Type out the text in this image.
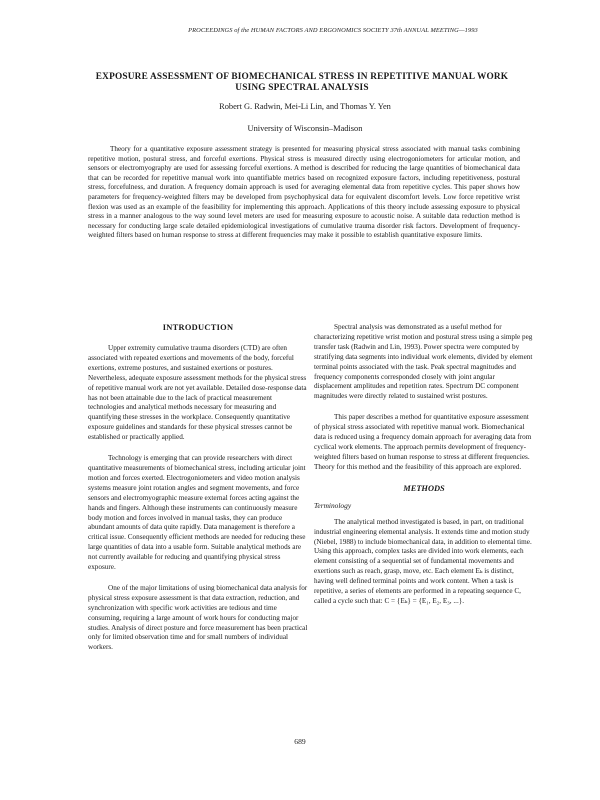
PROCEEDINGS of the HUMAN FACTORS AND ERGONOMICS SOCIETY 37th ANNUAL MEETING—1993
EXPOSURE ASSESSMENT OF BIOMECHANICAL STRESS IN REPETITIVE MANUAL WORK USING SPECTRAL ANALYSIS
Robert G. Radwin, Mei-Li Lin, and Thomas Y. Yen
University of Wisconsin–Madison

Theory for a quantitative exposure assessment strategy is presented for measuring physical stress associated with manual tasks combining repetitive motion, postural stress, and forceful exertions. Physical stress is measured directly using electrogoniometers for articular motion, and sensors or electromyography are used for assessing forceful exertions. A method is described for reducing the large quantities of biomechanical data that can be recorded for repetitive manual work into quantifiable metrics based on recognized exposure factors, including repetitiveness, postural stress, forcefulness, and duration. A frequency domain approach is used for averaging elemental data from repetitive cycles. This paper shows how parameters for frequency-weighted filters may be developed from psychophysical data for equivalent discomfort levels. Low force repetitive wrist flexion was used as an example of the feasibility for implementing this approach. Applications of this theory include assessing exposure to physical stress in a manner analogous to the way sound level meters are used for measuring exposure to acoustic noise. A suitable data reduction method is necessary for conducting large scale detailed epidemiological investigations of cumulative trauma disorder risk factors. Development of frequency-weighted filters based on human response to stress at different frequencies may make it possible to establish quantitative exposure limits.

INTRODUCTION

Upper extremity cumulative trauma disorders (CTD) are often associated with repeated exertions and movements of the body, forceful exertions, extreme postures, and sustained exertions or postures. Nevertheless, adequate exposure assessment methods for the physical stress of repetitive manual work are not yet available. Detailed dose-response data has not been attainable due to the lack of practical measurement technologies and analytical methods necessary for measuring and quantifying these stresses in the workplace. Consequently quantitative exposure guidelines and standards for these physical stresses cannot be established or practically applied.

Technology is emerging that can provide researchers with direct quantitative measurements of biomechanical stress, including articular joint motion and forces exerted. Electrogoniometers and video motion analysis systems measure joint rotation angles and segment movements, and force sensors and electromyographic measure external forces acting against the hands and fingers. Although these instruments can continuously measure body motion and forces involved in manual tasks, they can produce abundant amounts of data quite rapidly. Data management is therefore a critical issue. Consequently efficient methods are needed for reducing these large quantities of data into a usable form. Suitable analytical methods are not currently available for reducing and quantifying physical stress exposure.

One of the major limitations of using biomechanical data analysis for physical stress exposure assessment is that data extraction, reduction, and synchronization with specific work activities are tedious and time consuming, requiring a large amount of work hours for conducting major studies. Analysis of direct posture and force measurement has been practical only for limited observation time and for small numbers of individual workers.

Spectral analysis was demonstrated as a useful method for characterizing repetitive wrist motion and postural stress using a simple peg transfer task (Radwin and Lin, 1993). Power spectra were computed by stratifying data segments into individual work elements, divided by element terminal points associated with the task. Peak spectral magnitudes and frequency components corresponded closely with joint angular displacement amplitudes and repetition rates. Spectrum DC component magnitudes were directly related to sustained wrist postures.

This paper describes a method for quantitative exposure assessment of physical stress associated with repetitive manual work. Biomechanical data is reduced using a frequency domain approach for averaging data from cyclical work elements. The approach permits development of frequency-weighted filters based on human response to stress at different frequencies. Theory for this method and the feasibility of this approach are explored.

METHODS
Terminology

The analytical method investigated is based, in part, on traditional industrial engineering elemental analysis. It extends time and motion study (Niebel, 1988) to include biomechanical data, in addition to elemental time. Using this approach, complex tasks are divided into work elements, each element consisting of a sequential set of fundamental movements and exertions such as reach, grasp, move, etc. Each element Eₖ is distinct, having well defined terminal points and work content. When a task is repetitive, a series of elements are performed in a repeating sequence C, called a cycle such that: C = {Eₖ} = {E₁, E₂, E₃, ...}.

689
